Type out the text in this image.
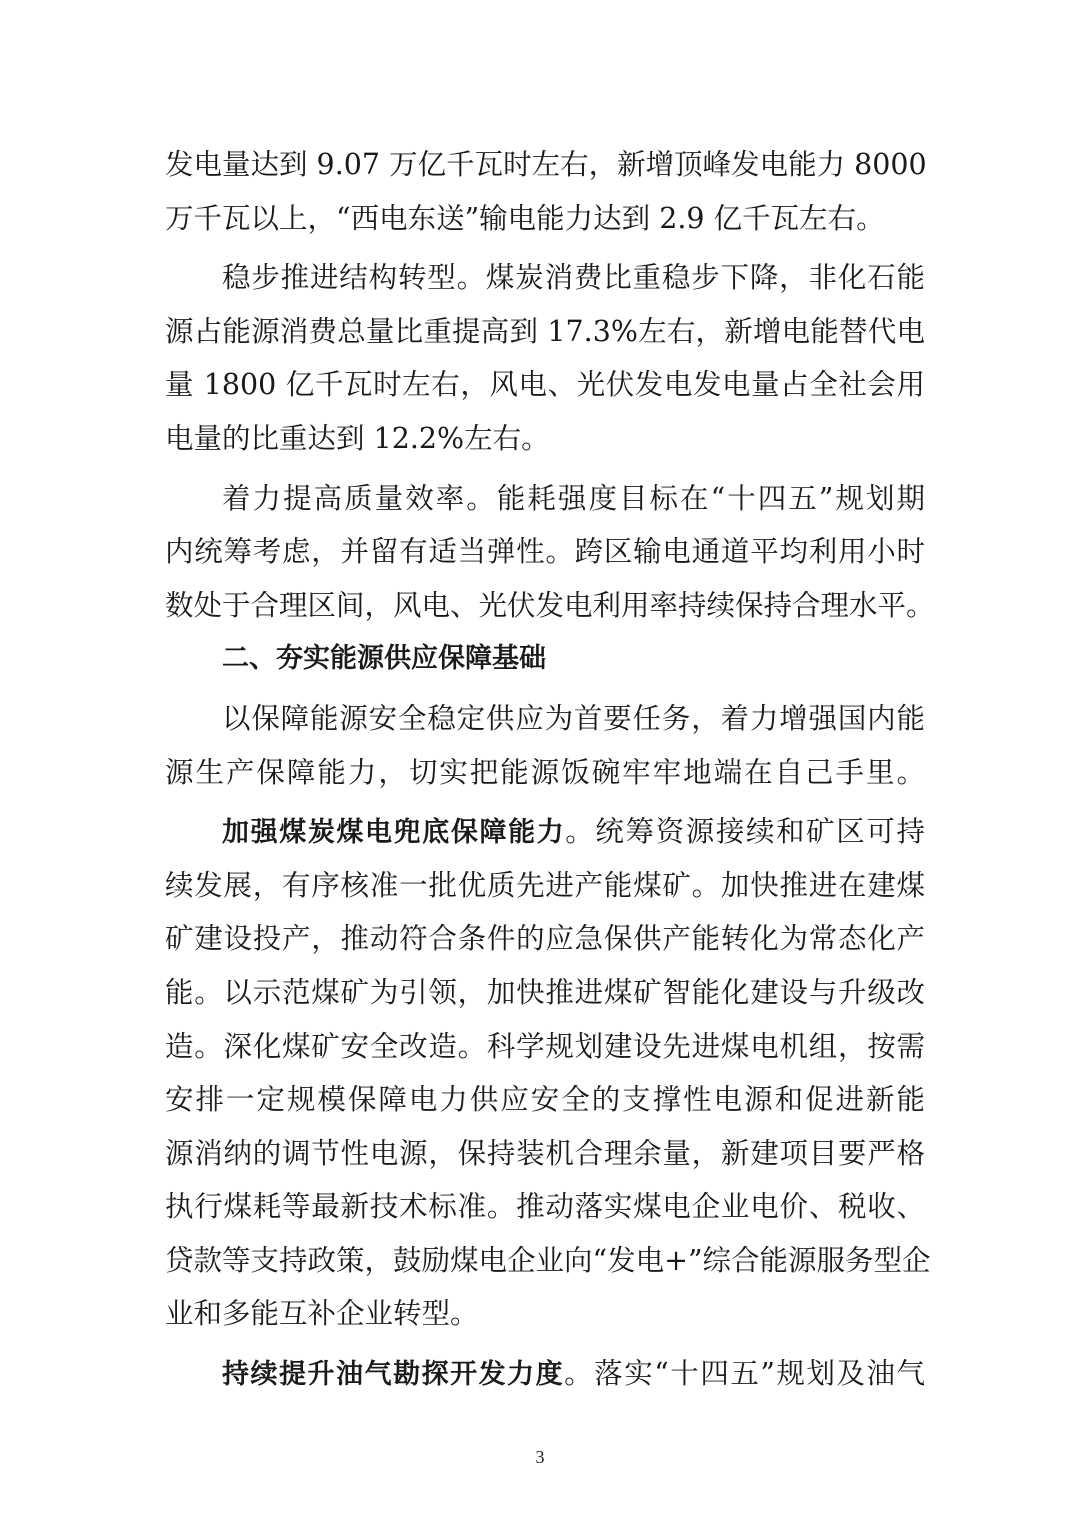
发电量达到 9.07 万亿千瓦时左右，新增顶峰发电能力 8000
万千瓦以上，“西电东送”输电能力达到 2.9 亿千瓦左右。
稳步推进结构转型。煤炭消费比重稳步下降，非化石能
源占能源消费总量比重提高到 17.3%左右，新增电能替代电
量 1800 亿千瓦时左右，风电、光伏发电发电量占全社会用
电量的比重达到 12.2%左右。
着力提高质量效率。能耗强度目标在“十四五”规划期
内统筹考虑，并留有适当弹性。跨区输电通道平均利用小时
数处于合理区间，风电、光伏发电利用率持续保持合理水平。
二、夯实能源供应保障基础
以保障能源安全稳定供应为首要任务，着力增强国内能
源生产保障能力，切实把能源饭碗牢牢地端在自己手里。
加强煤炭煤电兜底保障能力。统筹资源接续和矿区可持
续发展，有序核准一批优质先进产能煤矿。加快推进在建煤
矿建设投产，推动符合条件的应急保供产能转化为常态化产
能。以示范煤矿为引领，加快推进煤矿智能化建设与升级改
造。深化煤矿安全改造。科学规划建设先进煤电机组，按需
安排一定规模保障电力供应安全的支撑性电源和促进新能
源消纳的调节性电源，保持装机合理余量，新建项目要严格
执行煤耗等最新技术标准。推动落实煤电企业电价、税收、
贷款等支持政策，鼓励煤电企业向“发电+”综合能源服务型企
业和多能互补企业转型。
持续提升油气勘探开发力度。落实“十四五”规划及油气
3
